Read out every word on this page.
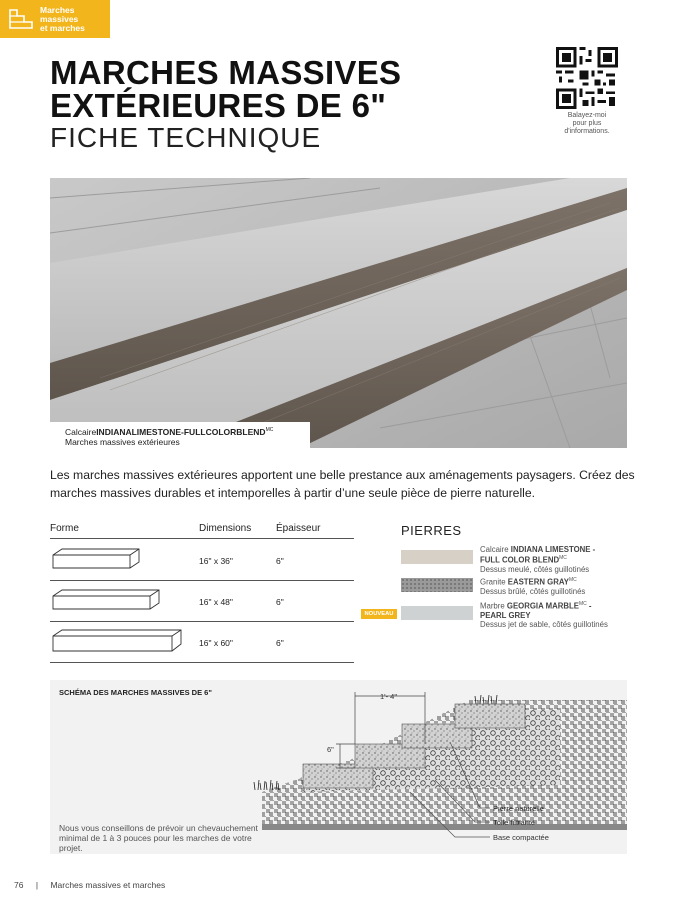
Marches
massives
et marches
MARCHES MASSIVES
EXTÉRIEURES DE 6"
FICHE TECHNIQUE
Balayez-moi
pour plus
d'informations.
CalcaireINDIANALIMESTONE-$FULLCOLORBLEND^{MC}$
Marches massives extérieures
Les marches massives extérieures apportent une belle prestance aux aménagements paysagers. Créez des marches massives durables et intemporelles à partir d’une seule pièce de pierre naturelle.
Forme	Dimensions Épaisseur
16" x 36"	6"
16" x 48"	6"
16" x 60"	6"
PIERRES
Calcaire INDIANA LIMESTONE -
FULL COLOR $BLEND^{MC}$
Dessus meulé, côtés guillotinés
Granite EASTERN $GRAY^{MC}$
Dessus brûlé, côtés guillotinés
NOUVEAU
Marbre GEORGIA $MARBLE^{MC}$ -
PEARL GREY
Dessus jet de sable, côtés guillotinés
SCHÉMA DES MARCHES MASSIVES DE 6"	1'- 4"
6"
Pierre naturelle
Toile filtrante
Base compactée
Nous vous conseillons de prévoir un chevauchement minimal de 1 à 3 pouces pour les marches de votre projet.
76 | Marches massives et marches
